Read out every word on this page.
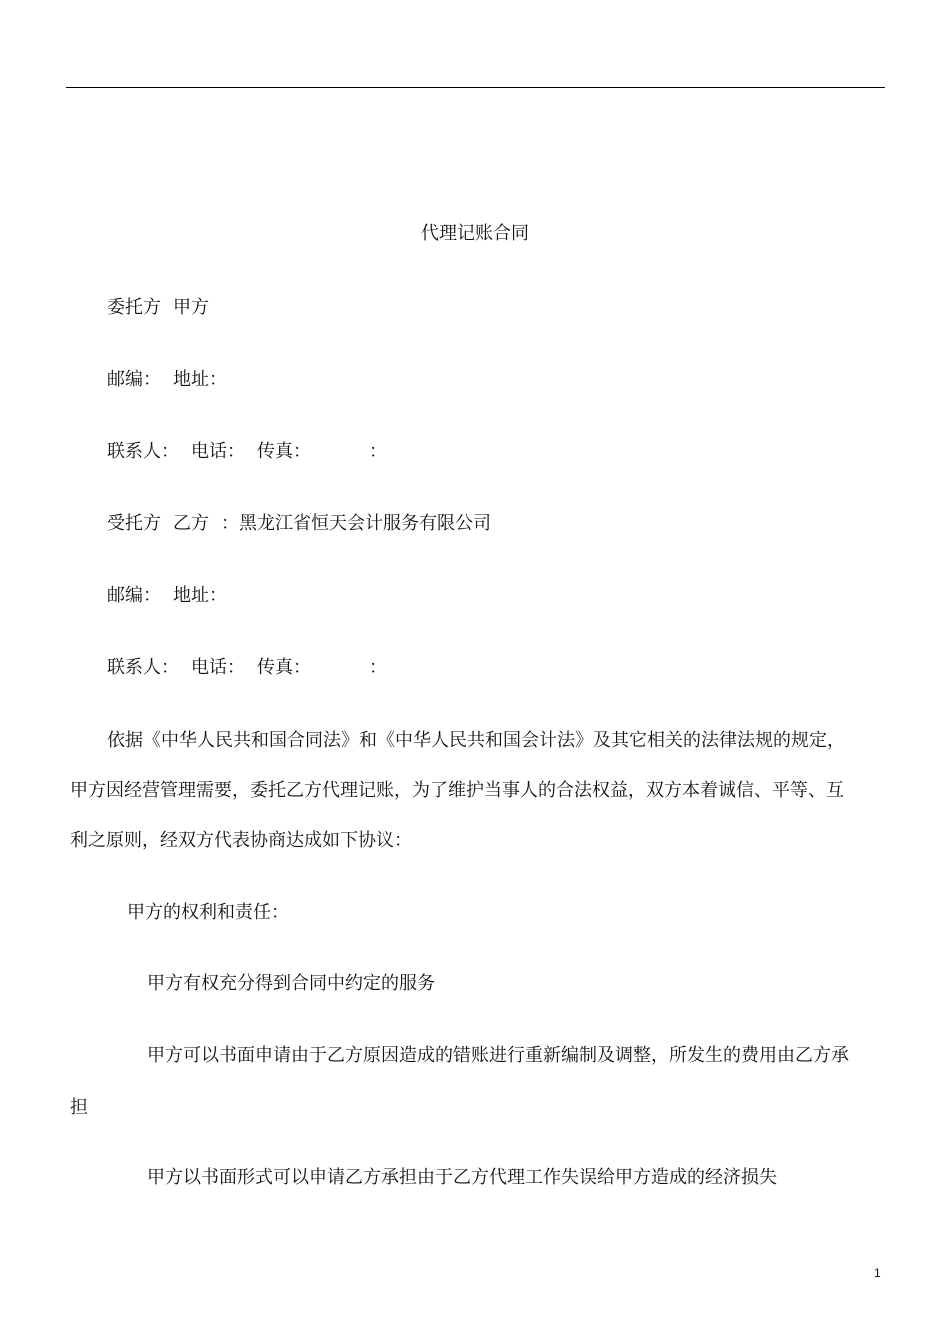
代理记账合同
委托方 甲方
邮编： 地址：
联系人： 电话： 传真：	：
受托方 乙方 ：黑龙江省恒天会计服务有限公司
邮编： 地址：
联系人： 电话： 传真：	：
依据《中华人民共和国合同法》和《中华人民共和国会计法》及其它相关的法律法规的规定，
甲方因经营管理需要，委托乙方代理记账，为了维护当事人的合法权益，双方本着诚信、平等、互
利之原则，经双方代表协商达成如下协议：
甲方的权利和责任：
甲方有权充分得到合同中约定的服务
甲方可以书面申请由于乙方原因造成的错账进行重新编制及调整，所发生的费用由乙方承
担
甲方以书面形式可以申请乙方承担由于乙方代理工作失误给甲方造成的经济损失
1
